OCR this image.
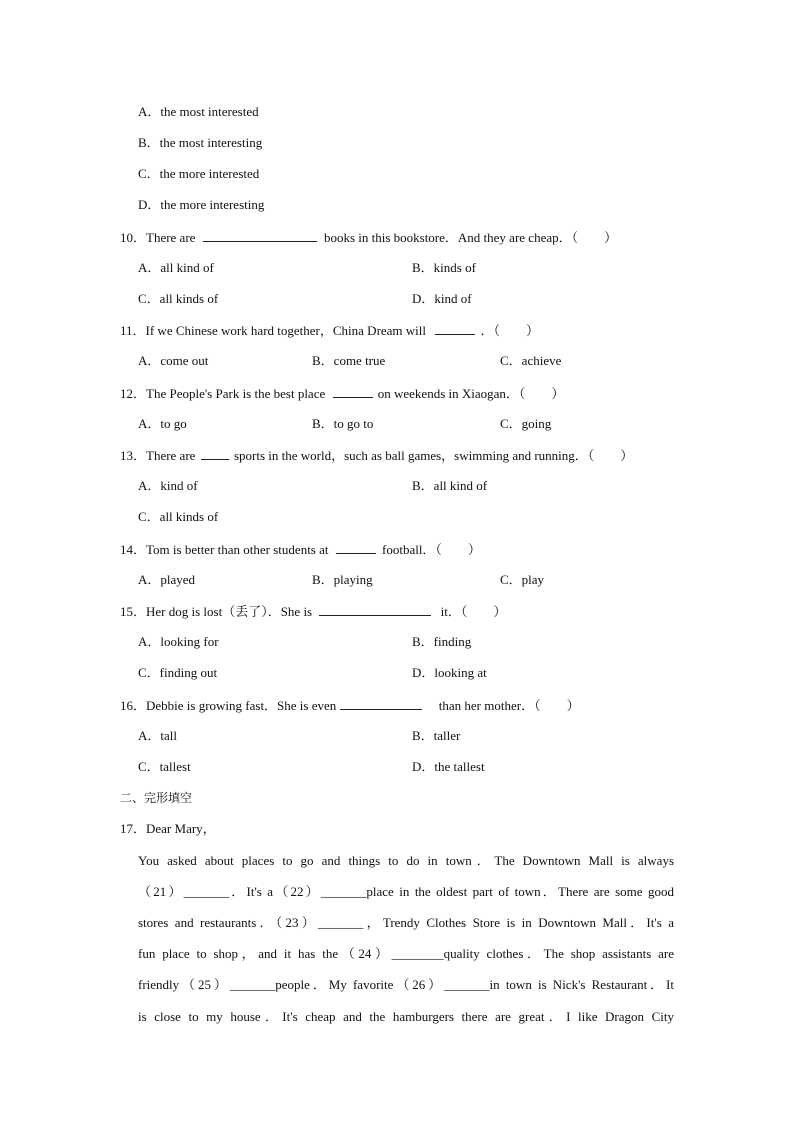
A．the most interested
B．the most interesting
C．the more interested
D．the more interesting
10．There are	books in this bookstore．And they are cheap．（　　）
A．all kind of	B．kinds of
C．all kinds of	D．kind of
11．If we Chinese work hard together，China Dream will	．（　　）
A．come out	B．come true	C．achieve
12．The People's Park is the best place	on weekends in Xiaogan．（　　）
A．to go	B．to go to	C．going
13．There are	sports in the world，such as ball games，swimming and running．（　　）
A．kind of	B．all kind of
C．all kinds of
14．Tom is better than other students at	football．（　　）
A．played	B．playing	C．play
15．Her dog is lost（丢了）．She is	it．（　　）
A．looking for	B．finding
C．finding out	D．looking at
16．Debbie is growing fast．She is even	than her mother．（　　）
A．tall	B．taller
C．tallest	D．the tallest
二、完形填空
17．Dear Mary，
You asked about places to go and things to do in town．The Downtown Mall is always
（21）_______．It's a（22）_______place in the oldest part of town．There are some good
stores and restaurants．（23）_______，Trendy Clothes Store is in Downtown Mall．It's a
fun place to shop，and it has the（24）________quality clothes．The shop assistants are
friendly（25）_______people．My favorite（26）_______in town is Nick's Restaurant．It
is close to my house．It's cheap and the hamburgers there are great．I like Dragon City
